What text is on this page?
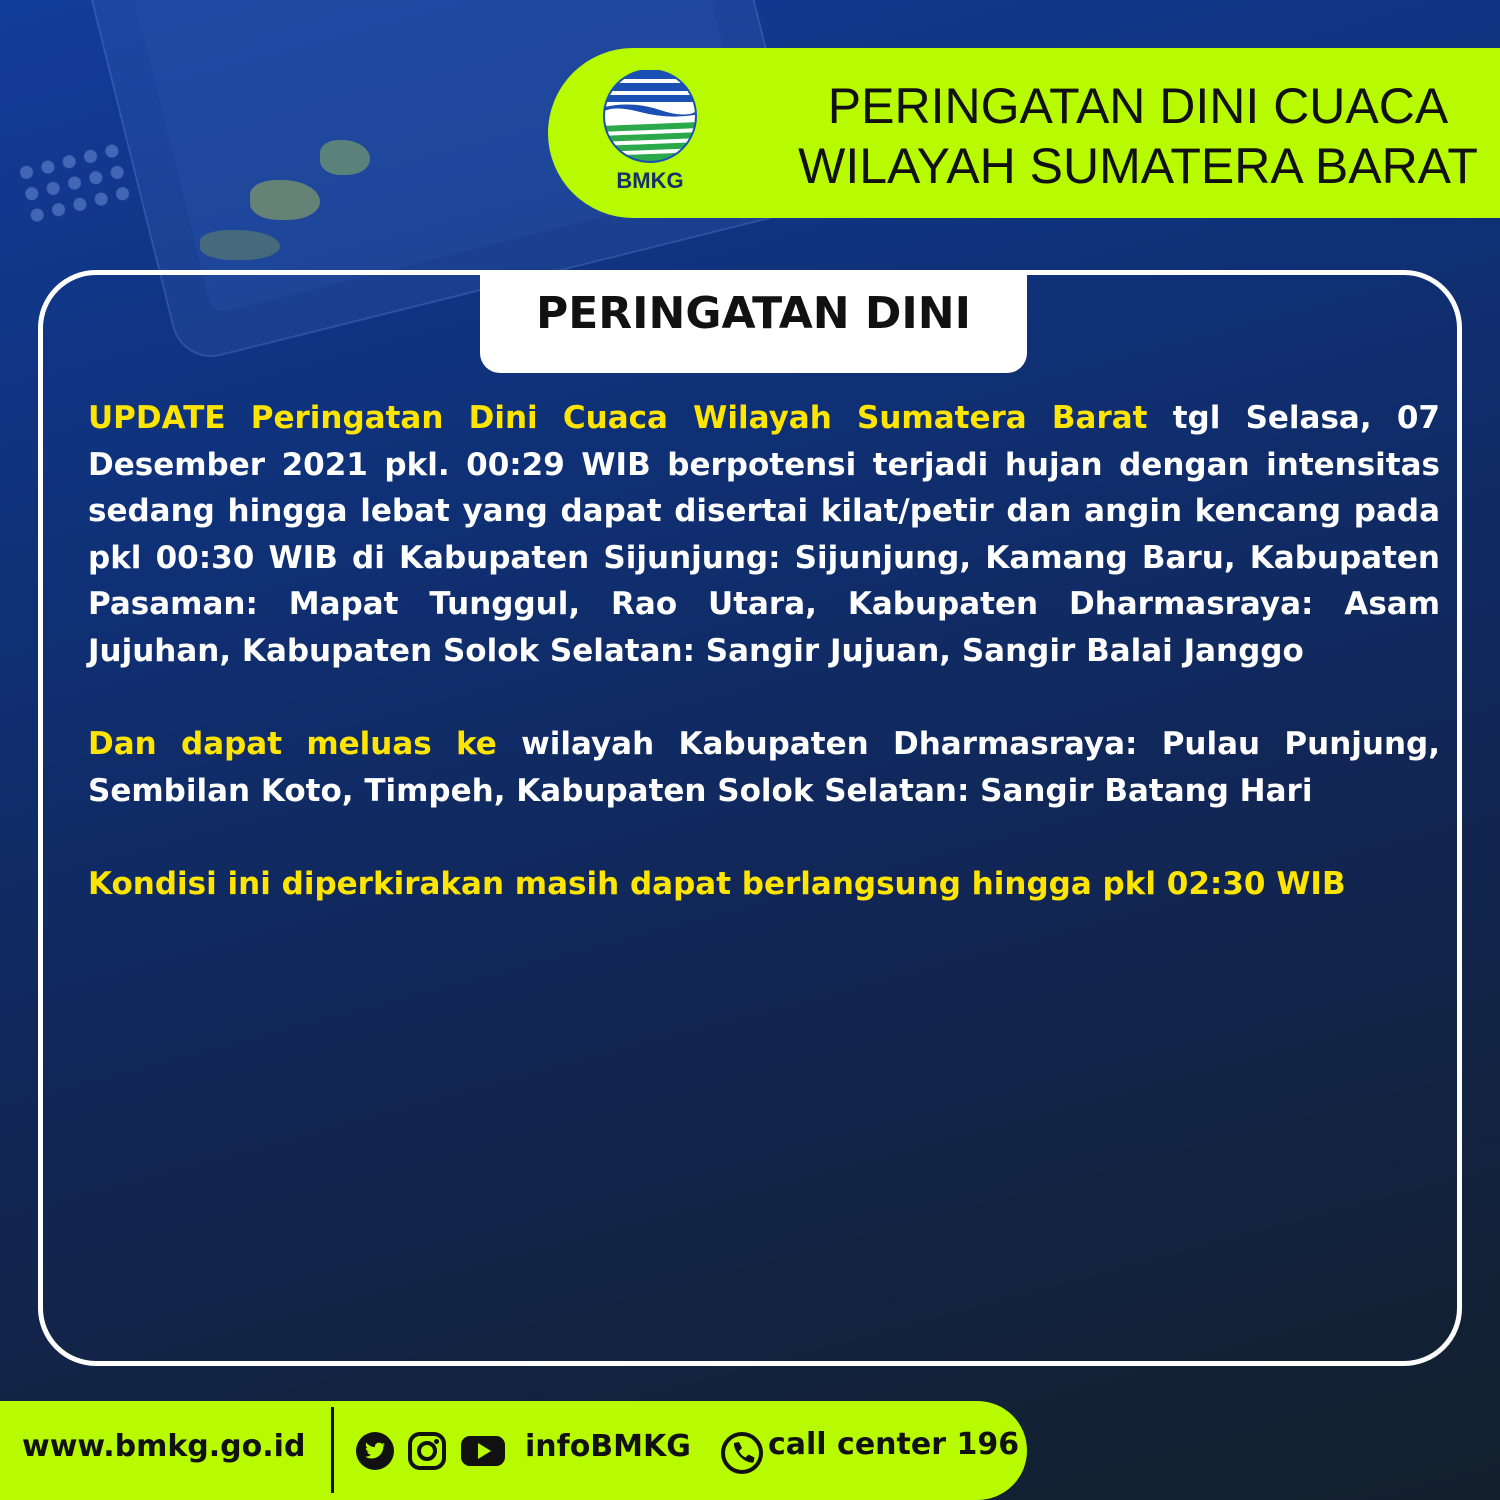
BMKG
PERINGATAN DINI CUACA
WILAYAH SUMATERA BARAT
PERINGATAN DINI

UPDATE Peringatan Dini Cuaca Wilayah Sumatera Barat tgl Selasa, 07 Desember 2021 pkl. 00:29 WIB berpotensi terjadi hujan dengan intensitas sedang hingga lebat yang dapat disertai kilat/petir dan angin kencang pada pkl 00:30 WIB di Kabupaten Sijunjung: Sijunjung, Kamang Baru, Kabupaten Pasaman: Mapat Tunggul, Rao Utara, Kabupaten Dharmasraya: Asam Jujuhan, Kabupaten Solok Selatan: Sangir Jujuan, Sangir Balai Janggo

Dan dapat meluas ke wilayah Kabupaten Dharmasraya: Pulau Punjung, Sembilan Koto, Timpeh, Kabupaten Solok Selatan: Sangir Batang Hari

Kondisi ini diperkirakan masih dapat berlangsung hingga pkl 02:30 WIB

www.bmkg.go.id	infoBMKG	call center 196
